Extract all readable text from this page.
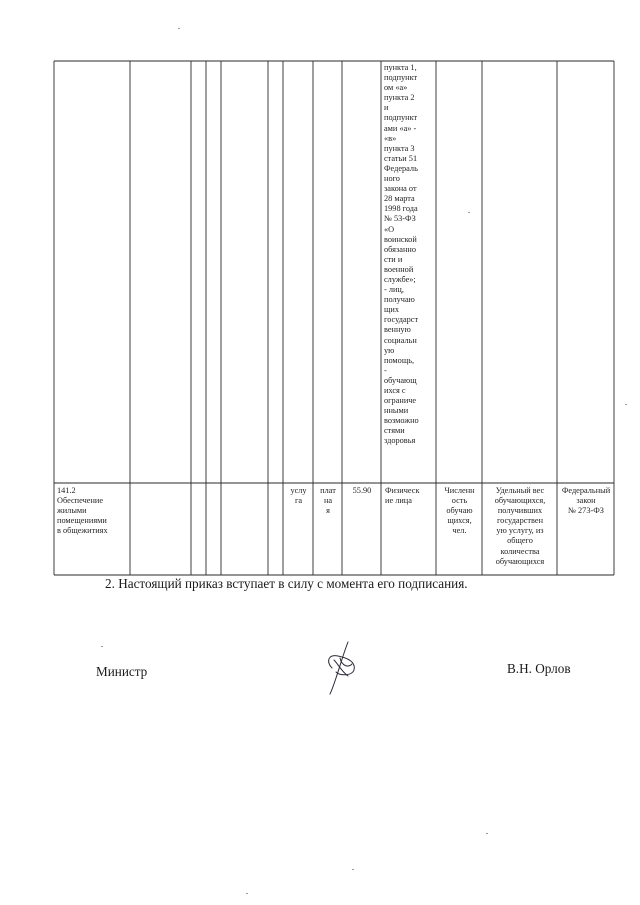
пункта 1,
подпункт
ом «а»
пункта 2
и
подпункт
ами «а» -
«в»
пункта 3
статьи 51
Федераль
ного
закона от
28 марта
1998 года
№ 53-ФЗ
«О
воинской
обязанно
сти и
военной
службе»;
- лиц,
получаю
щих
государст
венную
социальн
ую
помощь,
-
обучающ
ихся с
ограниче
нными
возможно
стями
здоровья
141.2
Обеспечение
жилыми
помещениями
в общежитиях
услу
га
плат
на
я
55.90	Физическ
ие лица
Численн
ость
обучаю
щихся,
чел.
Удельный вес
обучающихся,
получивших
государствен
ую услугу, из
общего
количества
обучающихся
Федеральный
закон
№ 273-ФЗ
2. Настоящий приказ вступает в силу с момента его подписания.
Министр	В.Н. Орлов
